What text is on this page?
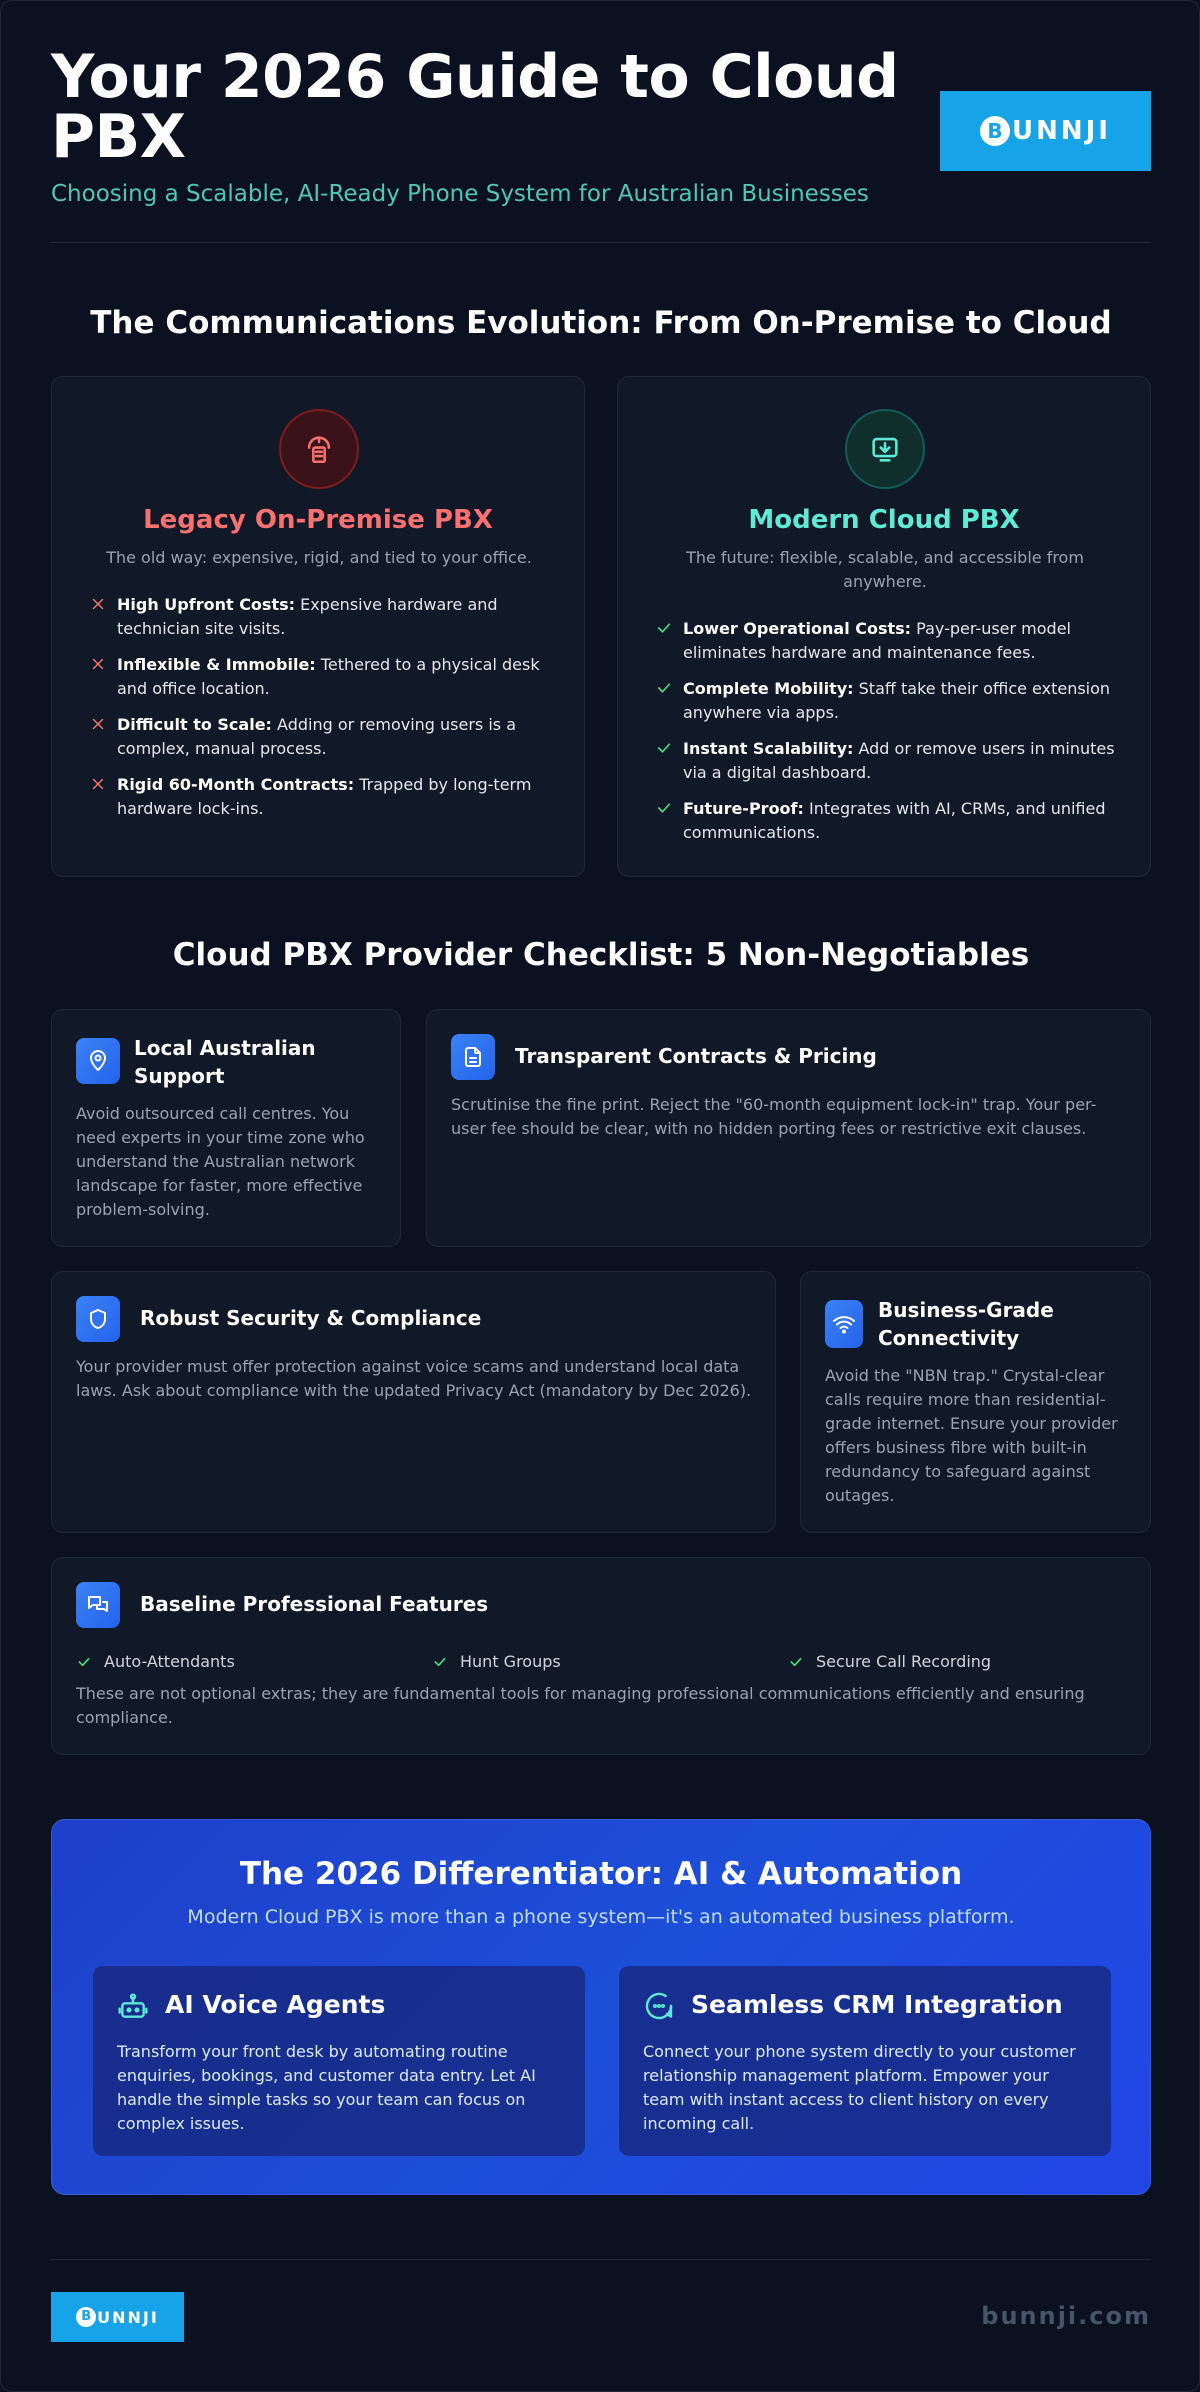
Your 2026 Guide to Cloud PBX
Choosing a Scalable, AI-Ready Phone System for Australian Businesses
B UNNJI
The Communications Evolution: From On-Premise to Cloud
Legacy On-Premise PBX
The old way: expensive, rigid, and tied to your office.
High Upfront Costs: Expensive hardware and technician site visits.
Inflexible & Immobile: Tethered to a physical desk and office location.
Difficult to Scale: Adding or removing users is a complex, manual process.
Rigid 60-Month Contracts: Trapped by long-term hardware lock-ins.
Modern Cloud PBX
The future: flexible, scalable, and accessible from anywhere.
Lower Operational Costs: Pay-per-user model eliminates hardware and maintenance fees.
Complete Mobility: Staff take their office extension anywhere via apps.
Instant Scalability: Add or remove users in minutes via a digital dashboard.
Future-Proof: Integrates with AI, CRMs, and unified communications.
Cloud PBX Provider Checklist: 5 Non-Negotiables
Local Australian Support
Avoid outsourced call centres. You need experts in your time zone who understand the Australian network landscape for faster, more effective problem-solving.
Transparent Contracts & Pricing
Scrutinise the fine print. Reject the "60-month equipment lock-in" trap. Your per-user fee should be clear, with no hidden porting fees or restrictive exit clauses.
Robust Security & Compliance
Your provider must offer protection against voice scams and understand local data laws. Ask about compliance with the updated Privacy Act (mandatory by Dec 2026).
Business-Grade Connectivity
Avoid the "NBN trap." Crystal-clear calls require more than residential-grade internet. Ensure your provider offers business fibre with built-in redundancy to safeguard against outages.
Baseline Professional Features
Auto-Attendants	Hunt Groups	Secure Call Recording
These are not optional extras; they are fundamental tools for managing professional communications efficiently and ensuring compliance.
The 2026 Differentiator: AI & Automation
Modern Cloud PBX is more than a phone system—it's an automated business platform.
AI Voice Agents
Transform your front desk by automating routine enquiries, bookings, and customer data entry. Let AI handle the simple tasks so your team can focus on complex issues.
Seamless CRM Integration
Connect your phone system directly to your customer relationship management platform. Empower your team with instant access to client history on every incoming call.
B UNNJI	bunnji.com
